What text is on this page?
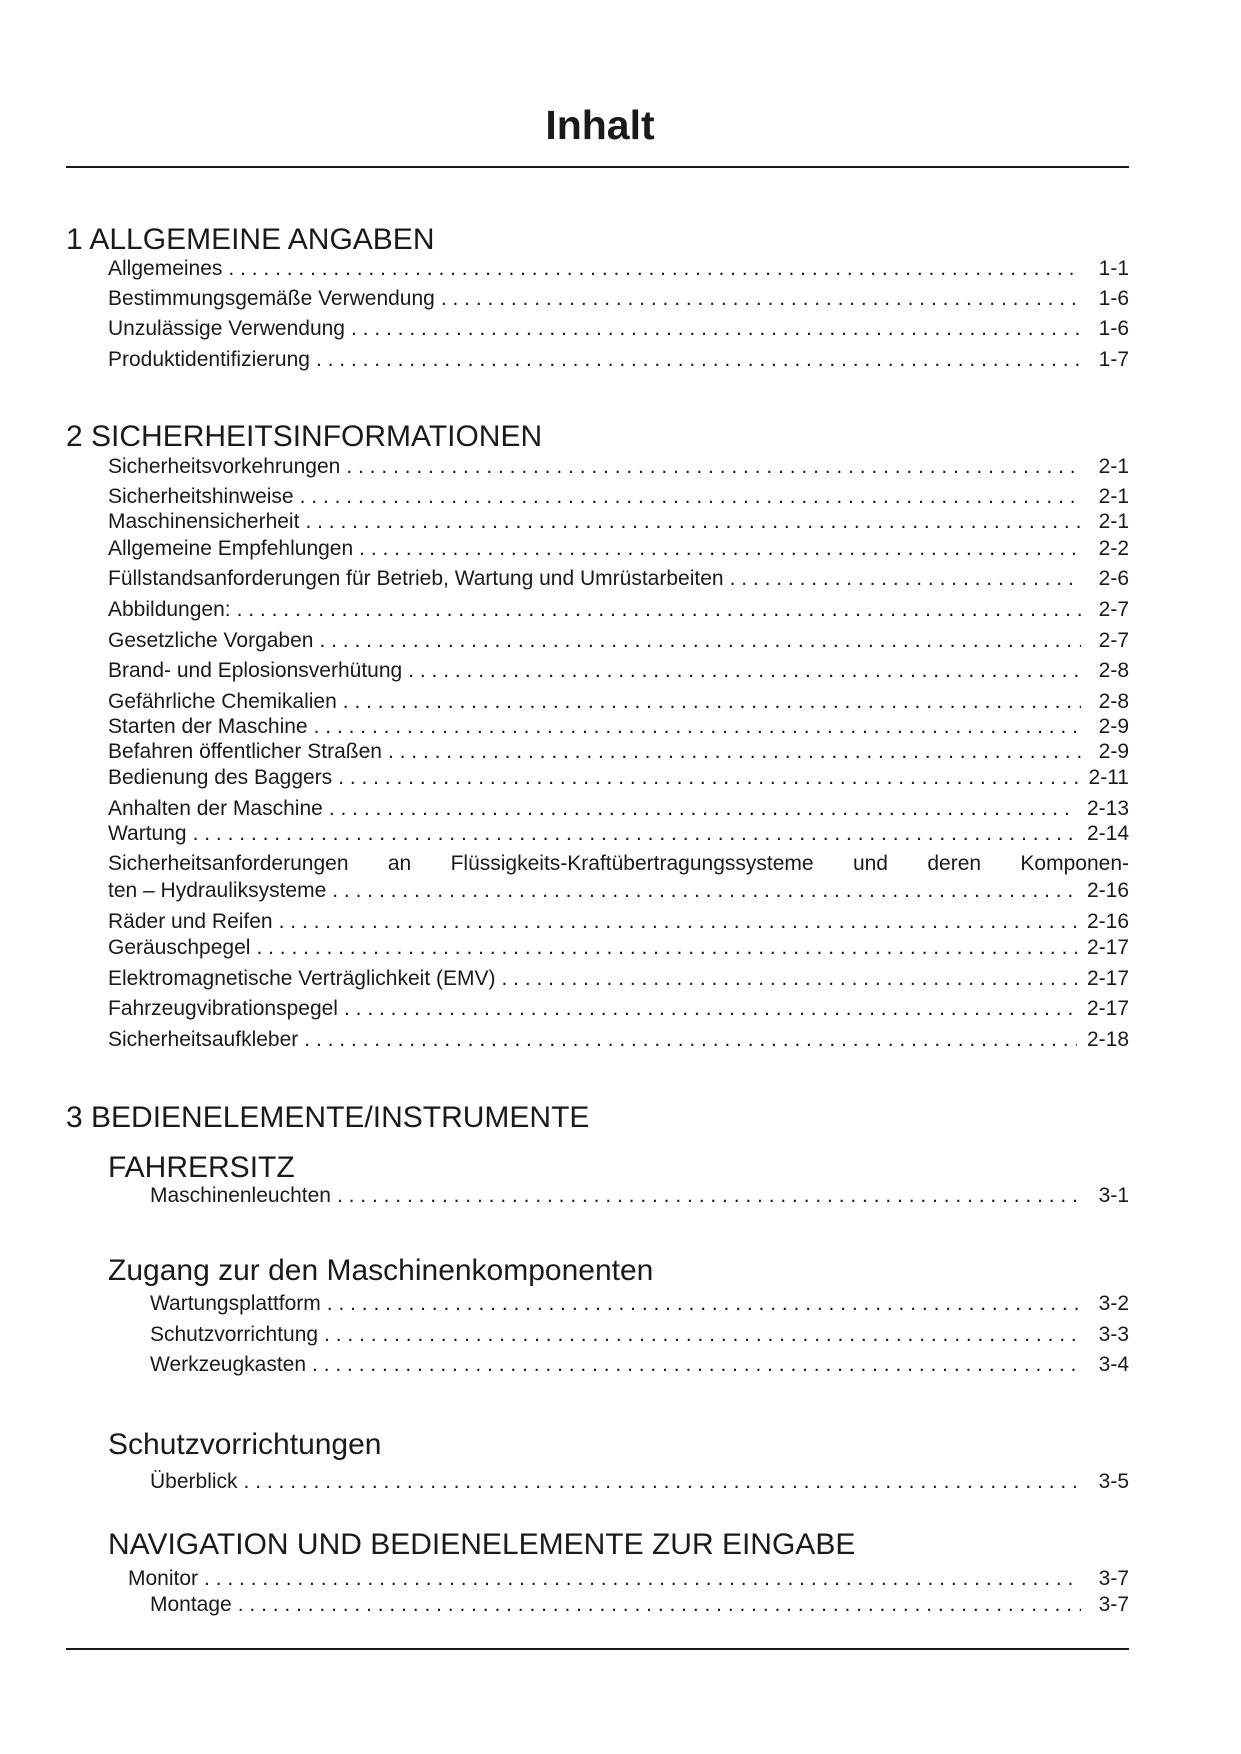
Inhalt
1 ALLGEMEINE ANGABEN
Allgemeines . . .	1-1
Bestimmungsgemäße Verwendung . . .	1-6
Unzulässige Verwendung . . .	1-6
Produktidentifizierung . . .	1-7
2 SICHERHEITSINFORMATIONEN
Sicherheitsvorkehrungen . . .	2-1
Sicherheitshinweise . . .	2-1
Maschinensicherheit . . .	2-1
Allgemeine Empfehlungen . . .	2-2
Füllstandsanforderungen für Betrieb, Wartung und Umrüstarbeiten . . .	2-6
Abbildungen: . . .	2-7
Gesetzliche Vorgaben . . .	2-7
Brand- und Eplosionsverhütung . . .	2-8
Gefährliche Chemikalien . . .	2-8
Starten der Maschine . . .	2-9
Befahren öffentlicher Straßen . . .	2-9
Bedienung des Baggers . . .	2-11
Anhalten der Maschine . . .	2-13
Wartung . . .	2-14
Sicherheitsanforderungen an Flüssigkeits-Kraftübertragungssysteme und deren Komponen-
ten – Hydrauliksysteme . . .	2-16
Räder und Reifen . . .	2-16
Geräuschpegel . . .	2-17
Elektromagnetische Verträglichkeit (EMV) . . .	2-17
Fahrzeugvibrationspegel . . .	2-17
Sicherheitsaufkleber . . .	2-18
3 BEDIENELEMENTE/INSTRUMENTE
FAHRERSITZ
Maschinenleuchten . . .	3-1
Zugang zur den Maschinenkomponenten
Wartungsplattform . . .	3-2
Schutzvorrichtung . . .	3-3
Werkzeugkasten . . .	3-4
Schutzvorrichtungen
Überblick . . .	3-5
NAVIGATION UND BEDIENELEMENTE ZUR EINGABE
Monitor . . .	3-7
Montage . . .	3-7
